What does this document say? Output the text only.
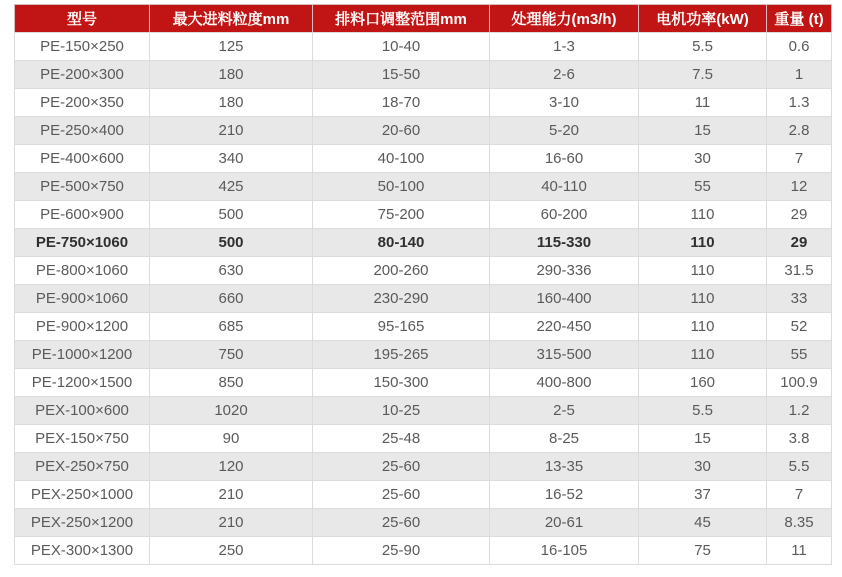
型号	最大进料粒度mm	排料口调整范围mm	处理能力(m3/h)	电机功率(kW)	重量 (t)
PE-150×250	125	10-40	1-3	5.5	0.6
PE-200×300	180	15-50	2-6	7.5	1
PE-200×350	180	18-70	3-10	11	1.3
PE-250×400	210	20-60	5-20	15	2.8
PE-400×600	340	40-100	16-60	30	7
PE-500×750	425	50-100	40-110	55	12
PE-600×900	500	75-200	60-200	110	29
PE-750×1060	500	80-140	115-330	110	29
PE-800×1060	630	200-260	290-336	110	31.5
PE-900×1060	660	230-290	160-400	110	33
PE-900×1200	685	95-165	220-450	110	52
PE-1000×1200	750	195-265	315-500	110	55
PE-1200×1500	850	150-300	400-800	160	100.9
PEX-100×600	1020	10-25	2-5	5.5	1.2
PEX-150×750	90	25-48	8-25	15	3.8
PEX-250×750	120	25-60	13-35	30	5.5
PEX-250×1000	210	25-60	16-52	37	7
PEX-250×1200	210	25-60	20-61	45	8.35
PEX-300×1300	250	25-90	16-105	75	11
